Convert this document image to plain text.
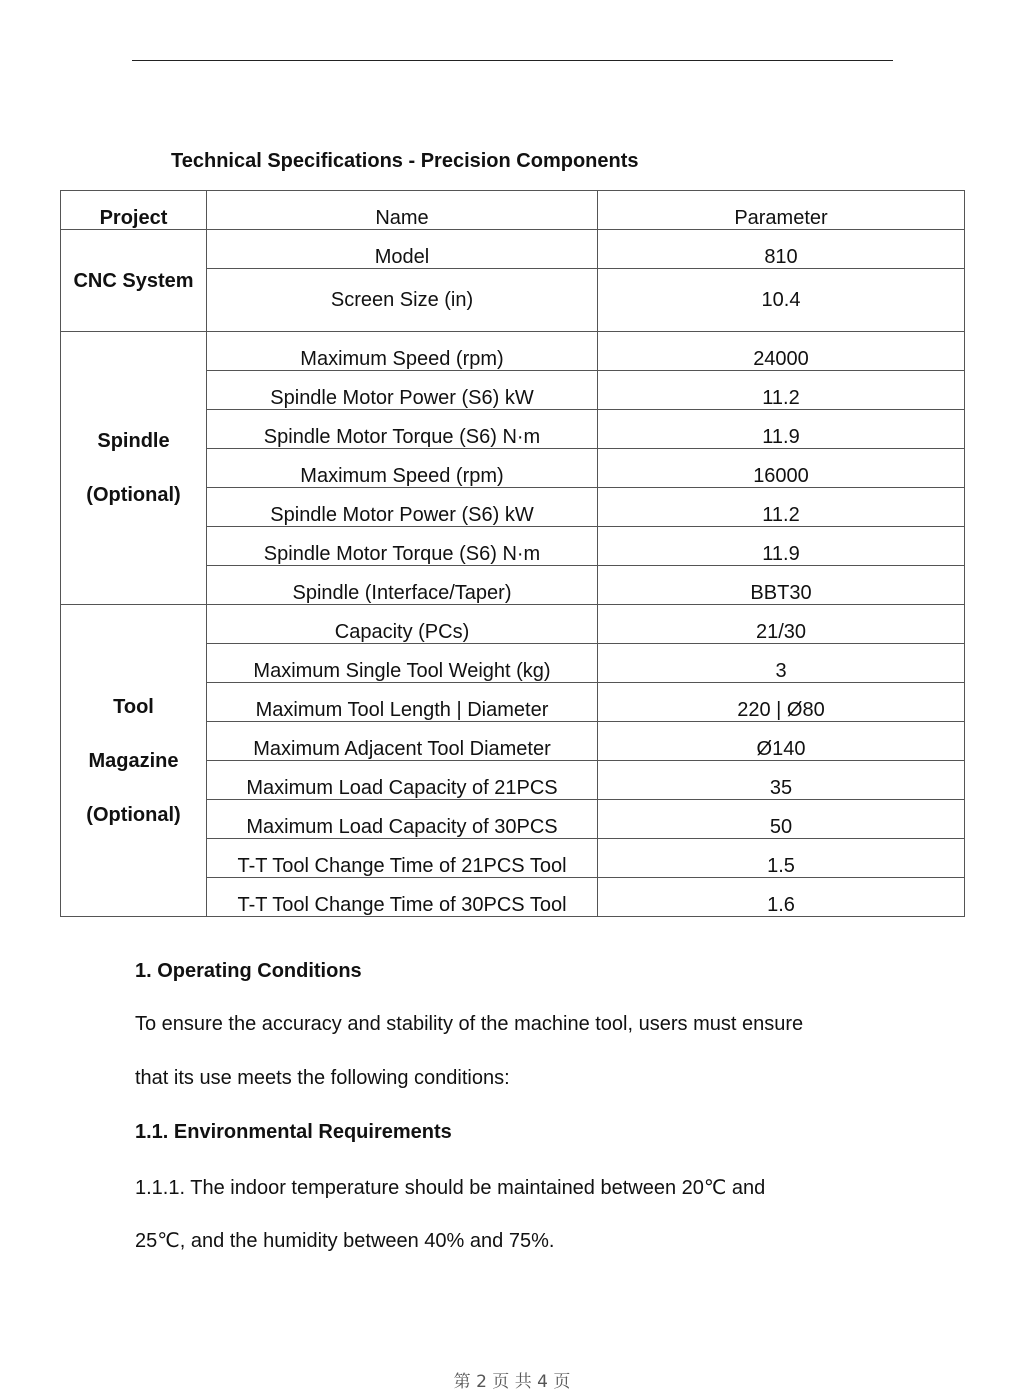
Technical Specifications - Precision Components
Project	Name	Parameter
CNC System	Model	810
	Screen Size (in)	10.4

Spindle
(Optional)	Maximum Speed (rpm)	24000
	Spindle Motor Power (S6) kW	11.2
	Spindle Motor Torque (S6) N·m	11.9
	Maximum Speed (rpm)	16000
	Spindle Motor Power (S6) kW	11.2
	Spindle Motor Torque (S6) N·m	11.9
	Spindle (Interface/Taper)	BBT30

Tool
Magazine
(Optional)	Capacity (PCs)	21/30
	Maximum Single Tool Weight (kg)	3
	Maximum Tool Length | Diameter	220 | Ø80
	Maximum Adjacent Tool Diameter	Ø140
	Maximum Load Capacity of 21PCS	35
	Maximum Load Capacity of 30PCS	50
	T-T Tool Change Time of 21PCS Tool	1.5
	T-T Tool Change Time of 30PCS Tool	1.6
1. Operating Conditions
To ensure the accuracy and stability of the machine tool, users must ensure
that its use meets the following conditions:
1.1. Environmental Requirements
1.1.1. The indoor temperature should be maintained between 20℃ and
25℃, and the humidity between 40% and 75%.
第 2 页 共 4 页
